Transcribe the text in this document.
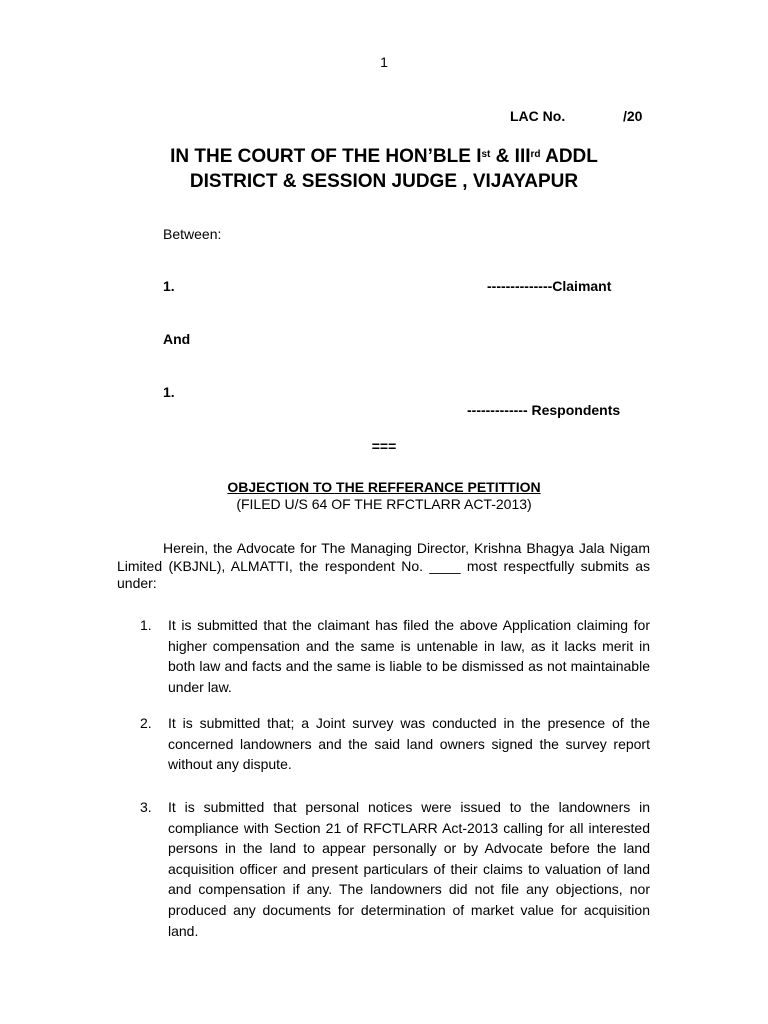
1
LAC No.	/20
IN THE COURT OF THE HON’BLE Ist & IIIrd ADDL
DISTRICT & SESSION JUDGE , VIJAYAPUR
Between:
1.	--------------Claimant
And
1.
------------- Respondents
===
OBJECTION TO THE REFFERANCE PETITTION
(FILED U/S 64 OF THE RFCTLARR ACT-2013)
Herein, the Advocate for The Managing Director, Krishna Bhagya Jala Nigam Limited (KBJNL), ALMATTI, the respondent No. ____ most respectfully submits as under:
1. It is submitted that the claimant has filed the above Application claiming for higher compensation and the same is untenable in law, as it lacks merit in both law and facts and the same is liable to be dismissed as not maintainable under law.
2. It is submitted that; a Joint survey was conducted in the presence of the concerned landowners and the said land owners signed the survey report without any dispute.
3. It is submitted that personal notices were issued to the landowners in compliance with Section 21 of RFCTLARR Act-2013 calling for all interested persons in the land to appear personally or by Advocate before the land acquisition officer and present particulars of their claims to valuation of land and compensation if any. The landowners did not file any objections, nor produced any documents for determination of market value for acquisition land.
